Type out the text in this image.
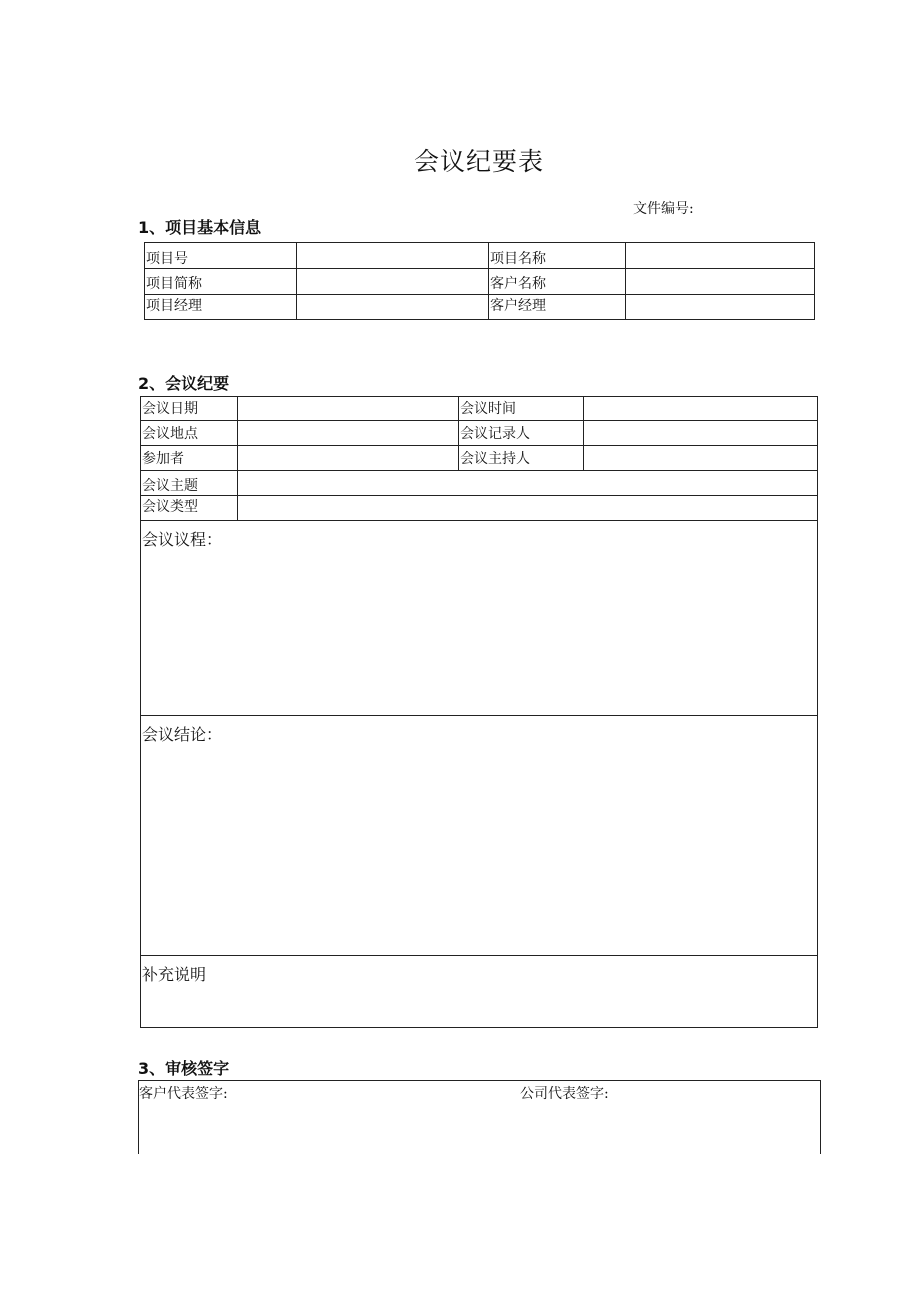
会议纪要表
文件编号:
1、项目基本信息
项目号	项目名称
项目简称	客户名称
项目经理	客户经理
2、会议纪要
会议日期	会议时间
会议地点	会议记录人
参加者	会议主持人
会议主题
会议类型
会议议程：
会议结论：
补充说明
3、审核签字
客户代表签字:	公司代表签字:
